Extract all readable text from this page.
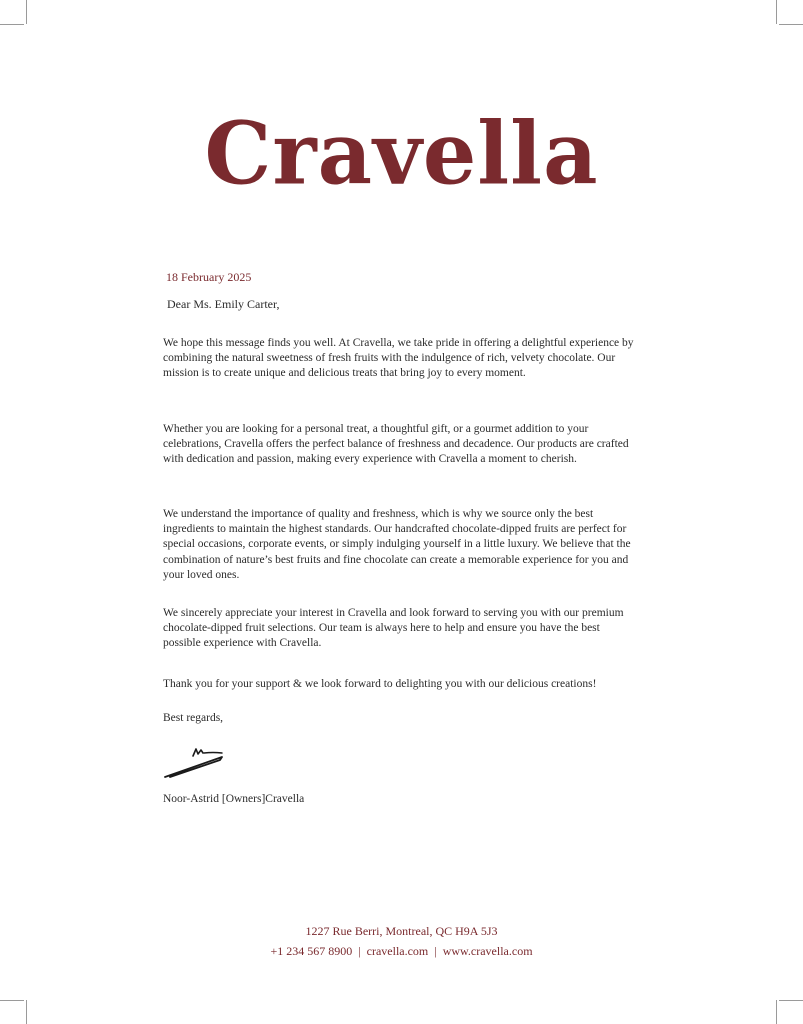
Cravella
18 February 2025
Dear Ms. Emily Carter,

We hope this message finds you well. At Cravella, we take pride in offering a delightful experience by combining the natural sweetness of fresh fruits with the indulgence of rich, velvety chocolate. Our mission is to create unique and delicious treats that bring joy to every moment.

Whether you are looking for a personal treat, a thoughtful gift, or a gourmet addition to your celebrations, Cravella offers the perfect balance of freshness and decadence. Our products are crafted with dedication and passion, making every experience with Cravella a moment to cherish.

We understand the importance of quality and freshness, which is why we source only the best ingredients to maintain the highest standards. Our handcrafted chocolate-dipped fruits are perfect for special occasions, corporate events, or simply indulging yourself in a little luxury. We believe that the combination of nature’s best fruits and fine chocolate can create a memorable experience for you and your loved ones.

We sincerely appreciate your interest in Cravella and look forward to serving you with our premium chocolate-dipped fruit selections. Our team is always here to help and ensure you have the best possible experience with Cravella.

Thank you for your support & we look forward to delighting you with our delicious creations!

Best regards,
Noor-Astrid [Owners]Cravella
1227 Rue Berri, Montreal, QC H9A 5J3
+1 234 567 8900 | cravella.com | www.cravella.com
